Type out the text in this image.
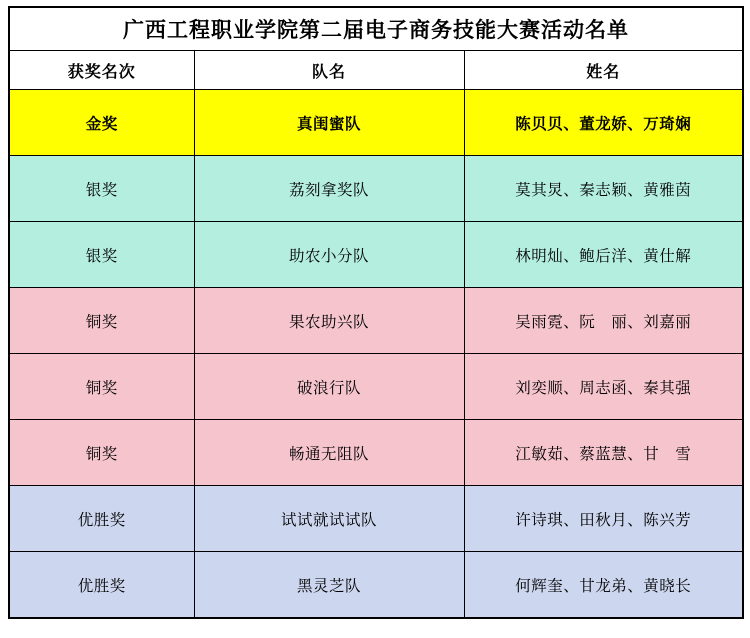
广西工程职业学院第二届电子商务技能大赛活动名单		
获奖名次	队名	姓名
金奖	真闺蜜队	陈贝贝、董龙娇、万琦娴
银奖	荔刻拿奖队	莫其炅、秦志颖、黄雅茵
银奖	助农小分队	林明灿、鲍后洋、黄仕解
铜奖	果农助兴队	吴雨霓、阮　丽、刘嘉丽
铜奖	破浪行队	刘奕顺、周志函、秦其强
铜奖	畅通无阻队	江敏茹、蔡蓝慧、甘　雪
优胜奖	试试就试试队	许诗琪、田秋月、陈兴芳
优胜奖	黑灵芝队	何辉奎、甘龙弟、黄晓长
